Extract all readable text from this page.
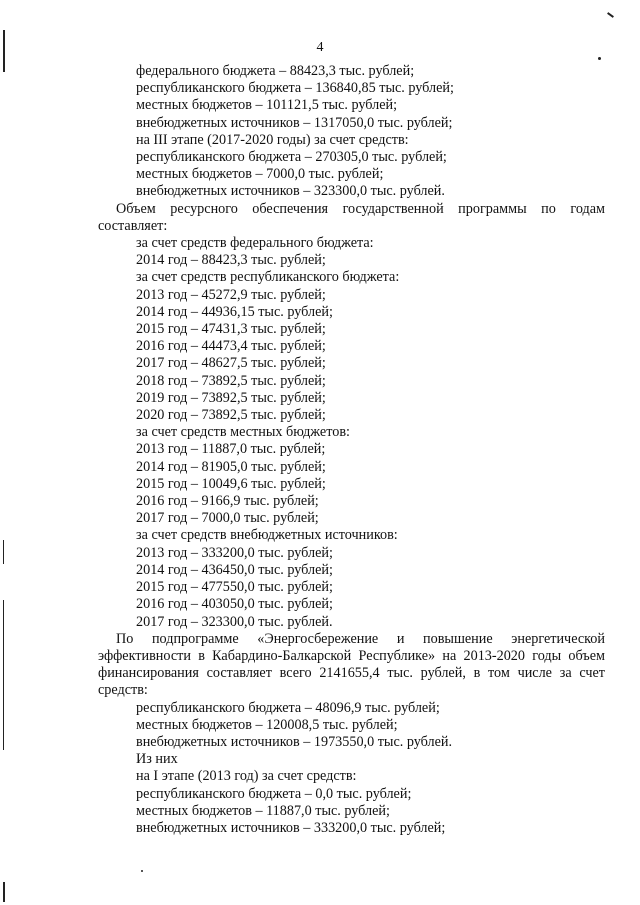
4
федерального бюджета – 88423,3 тыс. рублей;
республиканского бюджета – 136840,85 тыс. рублей;
местных бюджетов – 101121,5 тыс. рублей;
внебюджетных источников – 1317050,0 тыс. рублей;
на III этапе (2017-2020 годы) за счет средств:
республиканского бюджета – 270305,0 тыс. рублей;
местных бюджетов – 7000,0 тыс. рублей;
внебюджетных источников – 323300,0 тыс. рублей.
Объем ресурсного обеспечения государственной программы по годам составляет:
за счет средств федерального бюджета:
2014 год – 88423,3 тыс. рублей;
за счет средств республиканского бюджета:
2013 год – 45272,9 тыс. рублей;
2014 год – 44936,15 тыс. рублей;
2015 год – 47431,3 тыс. рублей;
2016 год – 44473,4 тыс. рублей;
2017 год – 48627,5 тыс. рублей;
2018 год – 73892,5 тыс. рублей;
2019 год – 73892,5 тыс. рублей;
2020 год – 73892,5 тыс. рублей;
за счет средств местных бюджетов:
2013 год – 11887,0 тыс. рублей;
2014 год – 81905,0 тыс. рублей;
2015 год – 10049,6 тыс. рублей;
2016 год – 9166,9 тыс. рублей;
2017 год – 7000,0 тыс. рублей;
за счет средств внебюджетных источников:
2013 год – 333200,0 тыс. рублей;
2014 год – 436450,0 тыс. рублей;
2015 год – 477550,0 тыс. рублей;
2016 год – 403050,0 тыс. рублей;
2017 год – 323300,0 тыс. рублей.
По подпрограмме «Энергосбережение и повышение энергетической эффективности в Кабардино-Балкарской Республике» на 2013-2020 годы объем финансирования составляет всего 2141655,4 тыс. рублей, в том числе за счет средств:
республиканского бюджета – 48096,9 тыс. рублей;
местных бюджетов – 120008,5 тыс. рублей;
внебюджетных источников – 1973550,0 тыс. рублей.
Из них
на I этапе (2013 год) за счет средств:
республиканского бюджета – 0,0 тыс. рублей;
местных бюджетов – 11887,0 тыс. рублей;
внебюджетных источников – 333200,0 тыс. рублей;
